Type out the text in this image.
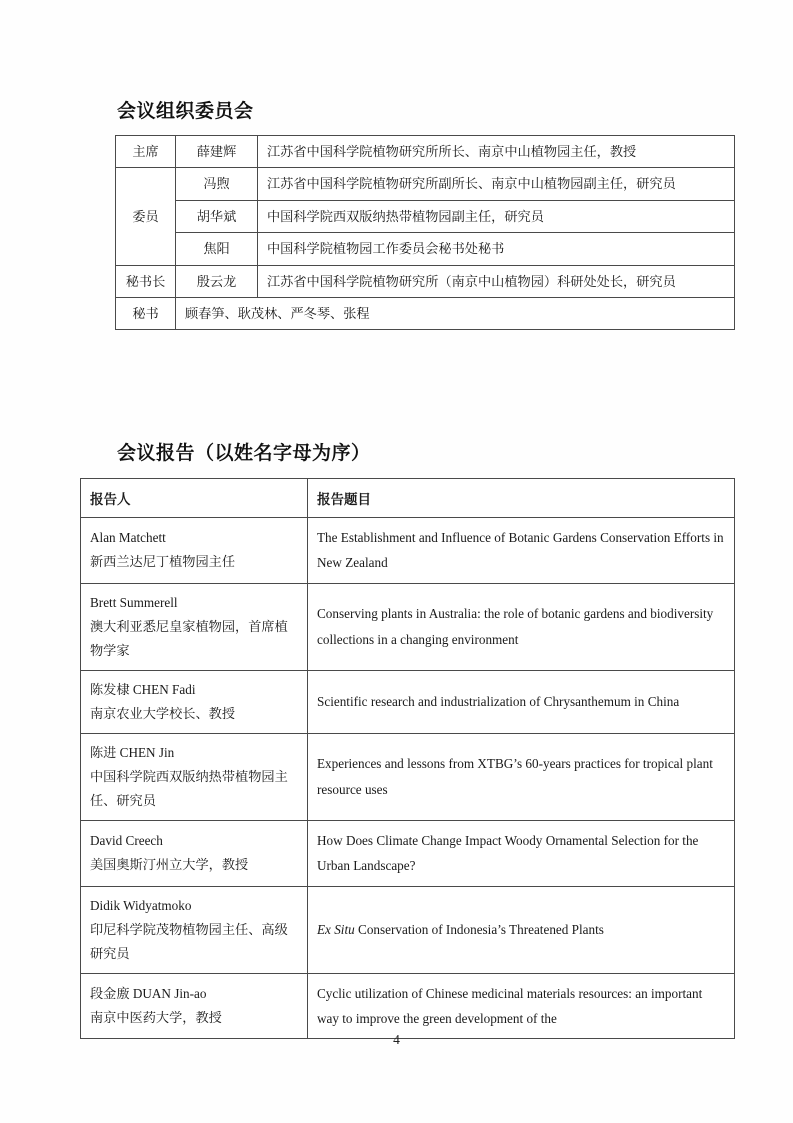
会议组织委员会
主席	薛建辉	江苏省中国科学院植物研究所所长、南京中山植物园主任，教授
委员	冯煦	江苏省中国科学院植物研究所副所长、南京中山植物园副主任，研究员
	胡华斌	中国科学院西双版纳热带植物园副主任，研究员
	焦阳	中国科学院植物园工作委员会秘书处秘书
秘书长	殷云龙	江苏省中国科学院植物研究所（南京中山植物园）科研处处长，研究员
秘书	顾春笋、耿茂林、严冬琴、张程	
会议报告（以姓名字母为序）
报告人	报告题目

Alan Matchett
新西兰达尼丁植物园主任	The Establishment and Influence of Botanic Gardens Conservation Efforts in New Zealand

Brett Summerell
澳大利亚悉尼皇家植物园，首席植物学家	Conserving plants in Australia: the role of botanic gardens and biodiversity collections in a changing environment

陈发棣 CHEN Fadi
南京农业大学校长、教授	Scientific research and industrialization of Chrysanthemum in China

陈进 CHEN Jin
中国科学院西双版纳热带植物园主任、研究员	Experiences and lessons from XTBG’s 60-years practices for tropical plant resource uses

David Creech
美国奥斯汀州立大学，教授	How Does Climate Change Impact Woody Ornamental Selection for the Urban Landscape?

Didik Widyatmoko
印尼科学院茂物植物园主任、高级研究员	Ex Situ Conservation of Indonesia’s Threatened Plants

段金廒 DUAN Jin-ao
南京中医药大学，教授	Cyclic utilization of Chinese medicinal materials resources: an important way to improve the green development of the
4
